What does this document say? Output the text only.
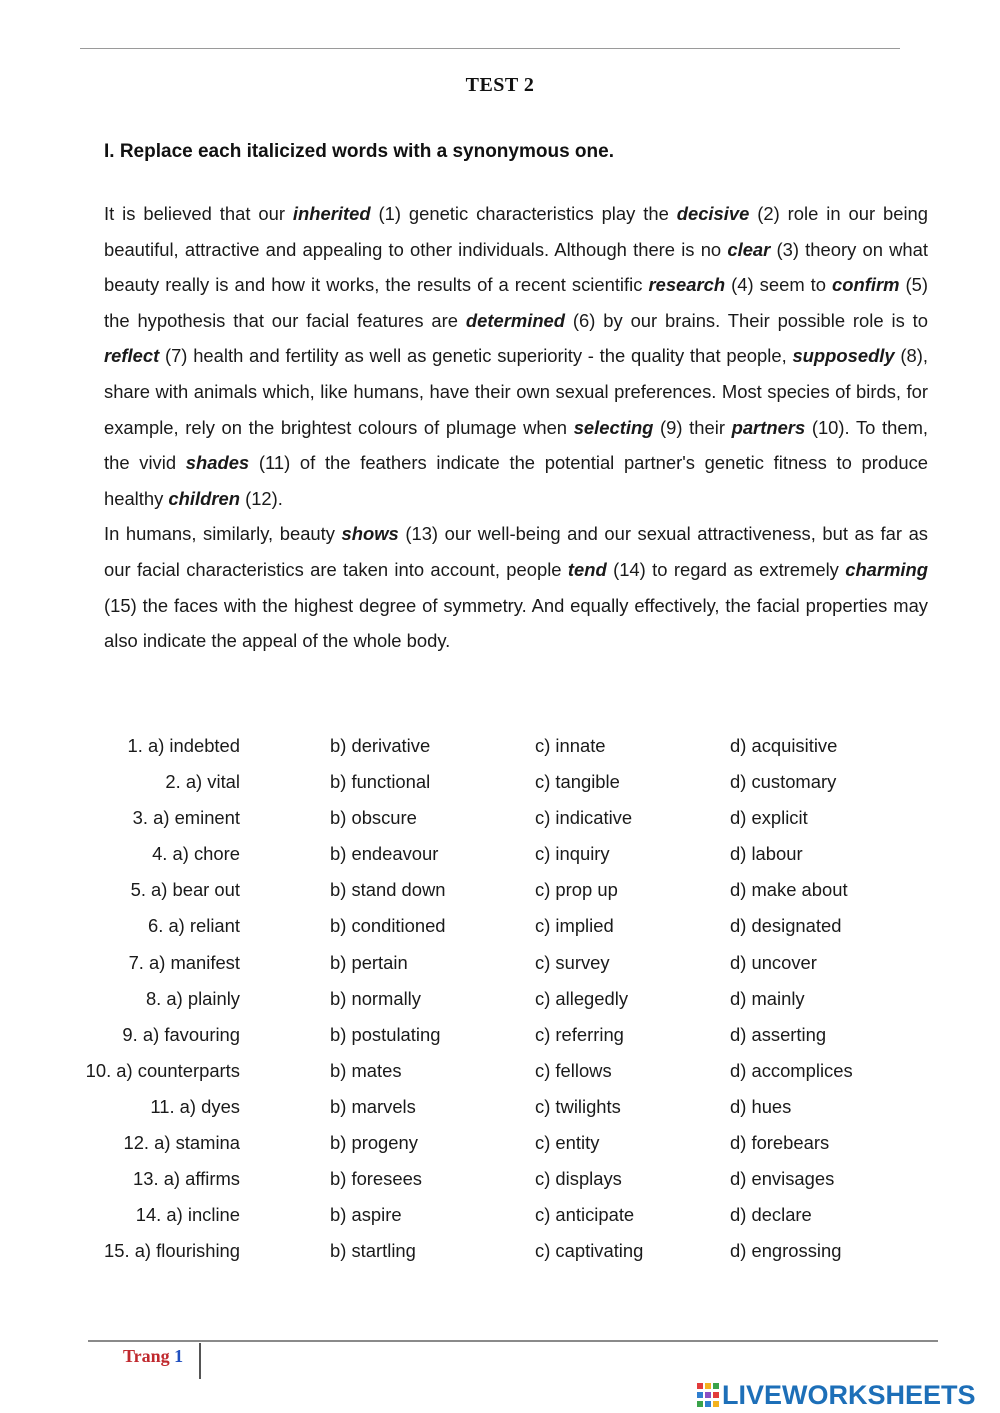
TEST 2
I. Replace each italicized words with a synonymous one.

It is believed that our inherited (1) genetic characteristics play the decisive (2) role in our being beautiful, attractive and appealing to other individuals. Although there is no clear (3) theory on what beauty really is and how it works, the results of a recent scientific research (4) seem to confirm (5) the hypothesis that our facial features are determined (6) by our brains. Their possible role is to reflect (7) health and fertility as well as genetic superiority - the quality that people, supposedly (8), share with animals which, like humans, have their own sexual preferences. Most species of birds, for example, rely on the brightest colours of plumage when selecting (9) their partners (10). To them, the vivid shades (11) of the feathers indicate the potential partner's genetic fitness to produce healthy children (12).

In humans, similarly, beauty shows (13) our well-being and our sexual attractiveness, but as far as our facial characteristics are taken into account, people tend (14) to regard as extremely charming (15) the faces with the highest degree of symmetry. And equally effectively, the facial properties may also indicate the appeal of the whole body.

1. a) indebted	b) derivative	c) innate	d) acquisitive
2. a) vital	b) functional	c) tangible	d) customary
3. a) eminent	b) obscure	c) indicative	d) explicit
4. a) chore	b) endeavour	c) inquiry	d) labour
5. a) bear out	b) stand down	c) prop up	d) make about
6. a) reliant	b) conditioned	c) implied	d) designated
7. a) manifest	b) pertain	c) survey	d) uncover
8. a) plainly	b) normally	c) allegedly	d) mainly
9. a) favouring	b) postulating	c) referring	d) asserting
10. a) counterparts	b) mates	c) fellows	d) accomplices
11. a) dyes	b) marvels	c) twilights	d) hues
12. a) stamina	b) progeny	c) entity	d) forebears
13. a) affirms	b) foresees	c) displays	d) envisages
14. a) incline	b) aspire	c) anticipate	d) declare
15. a) flourishing	b) startling	c) captivating	d) engrossing
Trang 1
LIVEWORKSHEETS
